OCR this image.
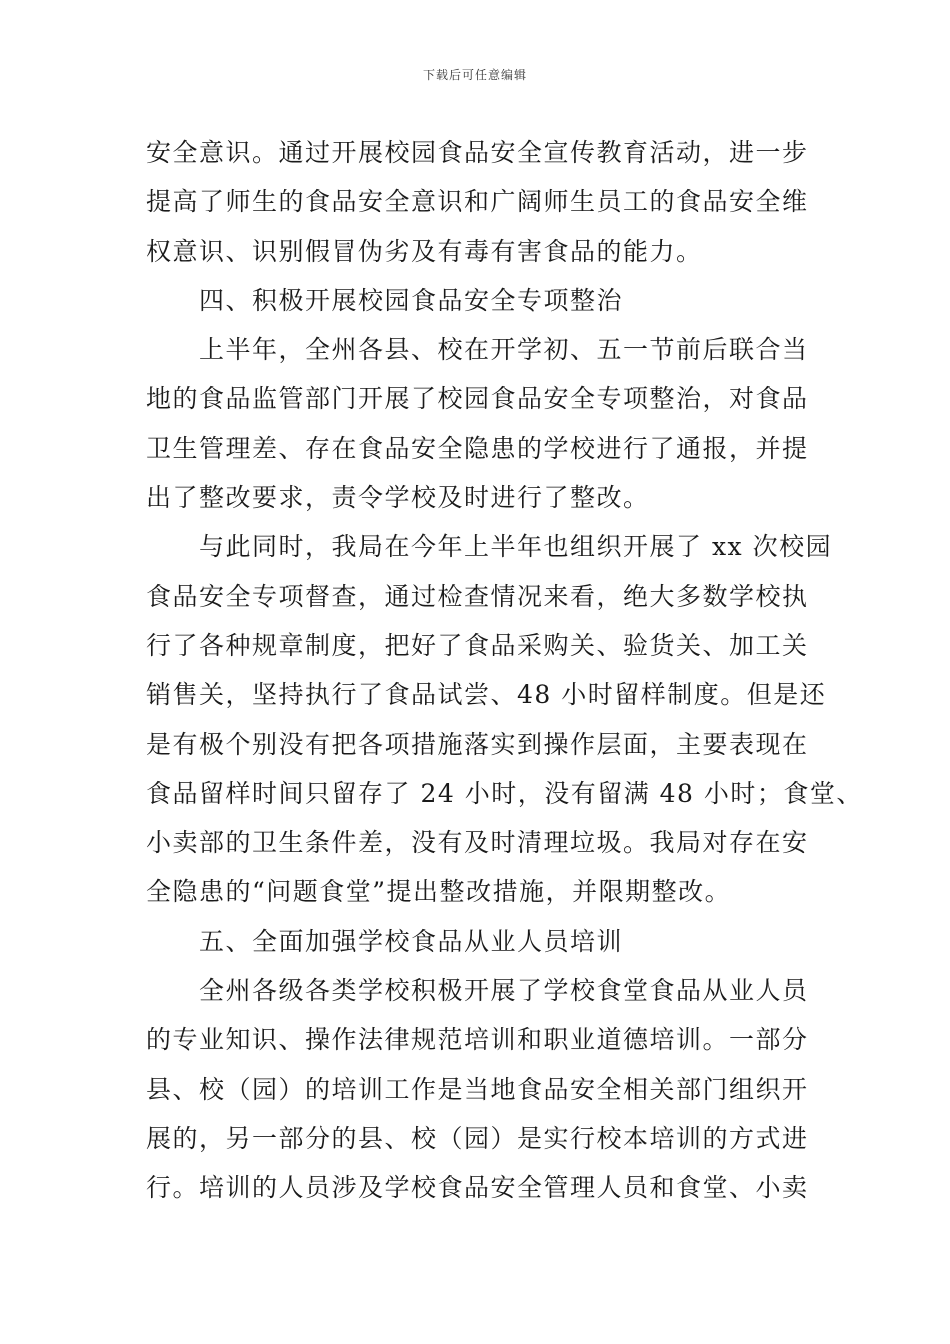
下载后可任意编辑
安全意识。通过开展校园食品安全宣传教育活动，进一步
提高了师生的食品安全意识和广阔师生员工的食品安全维
权意识、识别假冒伪劣及有毒有害食品的能力。
四、积极开展校园食品安全专项整治
上半年，全州各县、校在开学初、五一节前后联合当
地的食品监管部门开展了校园食品安全专项整治，对食品
卫生管理差、存在食品安全隐患的学校进行了通报，并提
出了整改要求，责令学校及时进行了整改。
与此同时，我局在今年上半年也组织开展了 xx 次校园
食品安全专项督查，通过检查情况来看，绝大多数学校执
行了各种规章制度，把好了食品采购关、验货关、加工关
销售关，坚持执行了食品试尝、48 小时留样制度。但是还
是有极个别没有把各项措施落实到操作层面，主要表现在
食品留样时间只留存了 24 小时，没有留满 48 小时；食堂、
小卖部的卫生条件差，没有及时清理垃圾。我局对存在安
全隐患的“问题食堂”提出整改措施，并限期整改。
五、全面加强学校食品从业人员培训
全州各级各类学校积极开展了学校食堂食品从业人员
的专业知识、操作法律规范培训和职业道德培训。一部分
县、校（园）的培训工作是当地食品安全相关部门组织开
展的，另一部分的县、校（园）是实行校本培训的方式进
行。培训的人员涉及学校食品安全管理人员和食堂、小卖
